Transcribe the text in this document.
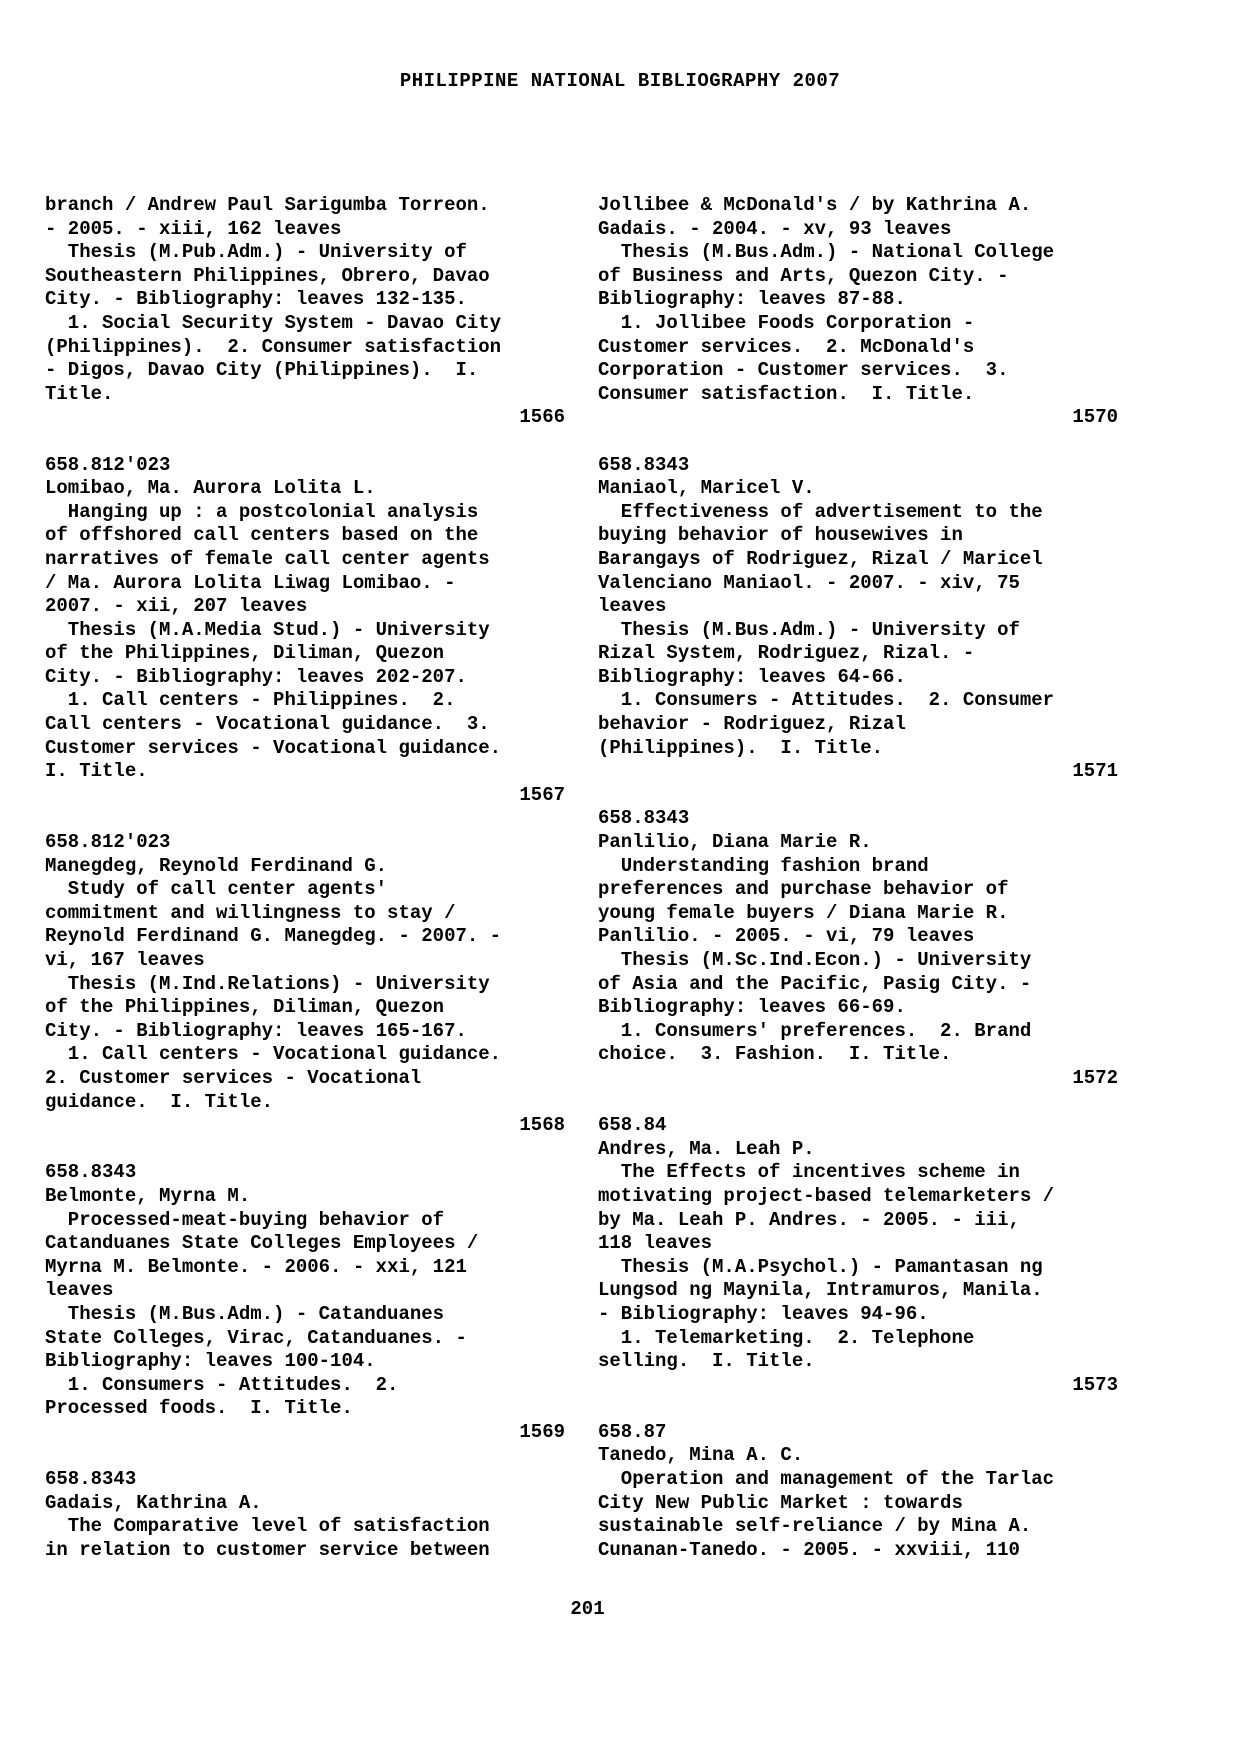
PHILIPPINE NATIONAL BIBLIOGRAPHY 2007
branch / Andrew Paul Sarigumba Torreon.
- 2005. - xiii, 162 leaves
Thesis (M.Pub.Adm.) - University of
Southeastern Philippines, Obrero, Davao
City. - Bibliography: leaves 132-135.
1. Social Security System - Davao City
(Philippines).  2. Consumer satisfaction
- Digos, Davao City (Philippines).  I.
Title.
1566
658.812'023
Lomibao, Ma. Aurora Lolita L.
Hanging up : a postcolonial analysis
of offshored call centers based on the
narratives of female call center agents
/ Ma. Aurora Lolita Liwag Lomibao. -
2007. - xii, 207 leaves
Thesis (M.A.Media Stud.) - University
of the Philippines, Diliman, Quezon
City. - Bibliography: leaves 202-207.
1. Call centers - Philippines.  2.
Call centers - Vocational guidance.  3.
Customer services - Vocational guidance.
I. Title.
1567
658.812'023
Manegdeg, Reynold Ferdinand G.
Study of call center agents'
commitment and willingness to stay /
Reynold Ferdinand G. Manegdeg. - 2007. -
vi, 167 leaves
Thesis (M.Ind.Relations) - University
of the Philippines, Diliman, Quezon
City. - Bibliography: leaves 165-167.
1. Call centers - Vocational guidance.
2. Customer services - Vocational
guidance.  I. Title.
1568
658.8343
Belmonte, Myrna M.
Processed-meat-buying behavior of
Catanduanes State Colleges Employees /
Myrna M. Belmonte. - 2006. - xxi, 121
leaves
Thesis (M.Bus.Adm.) - Catanduanes
State Colleges, Virac, Catanduanes. -
Bibliography: leaves 100-104.
1. Consumers - Attitudes.  2.
Processed foods.  I. Title.
1569
658.8343
Gadais, Kathrina A.
The Comparative level of satisfaction
in relation to customer service between
Jollibee & McDonald's / by Kathrina A.
Gadais. - 2004. - xv, 93 leaves
Thesis (M.Bus.Adm.) - National College
of Business and Arts, Quezon City. -
Bibliography: leaves 87-88.
1. Jollibee Foods Corporation -
Customer services.  2. McDonald's
Corporation - Customer services.  3.
Consumer satisfaction.  I. Title.
1570
658.8343
Maniaol, Maricel V.
Effectiveness of advertisement to the
buying behavior of housewives in
Barangays of Rodriguez, Rizal / Maricel
Valenciano Maniaol. - 2007. - xiv, 75
leaves
Thesis (M.Bus.Adm.) - University of
Rizal System, Rodriguez, Rizal. -
Bibliography: leaves 64-66.
1. Consumers - Attitudes.  2. Consumer
behavior - Rodriguez, Rizal
(Philippines).  I. Title.
1571
658.8343
Panlilio, Diana Marie R.
Understanding fashion brand
preferences and purchase behavior of
young female buyers / Diana Marie R.
Panlilio. - 2005. - vi, 79 leaves
Thesis (M.Sc.Ind.Econ.) - University
of Asia and the Pacific, Pasig City. -
Bibliography: leaves 66-69.
1. Consumers' preferences.  2. Brand
choice.  3. Fashion.  I. Title.
1572
658.84
Andres, Ma. Leah P.
The Effects of incentives scheme in
motivating project-based telemarketers /
by Ma. Leah P. Andres. - 2005. - iii,
118 leaves
Thesis (M.A.Psychol.) - Pamantasan ng
Lungsod ng Maynila, Intramuros, Manila.
- Bibliography: leaves 94-96.
1. Telemarketing.  2. Telephone
selling.  I. Title.
1573
658.87
Tanedo, Mina A. C.
Operation and management of the Tarlac
City New Public Market : towards
sustainable self-reliance / by Mina A.
Cunanan-Tanedo. - 2005. - xxviii, 110
201
